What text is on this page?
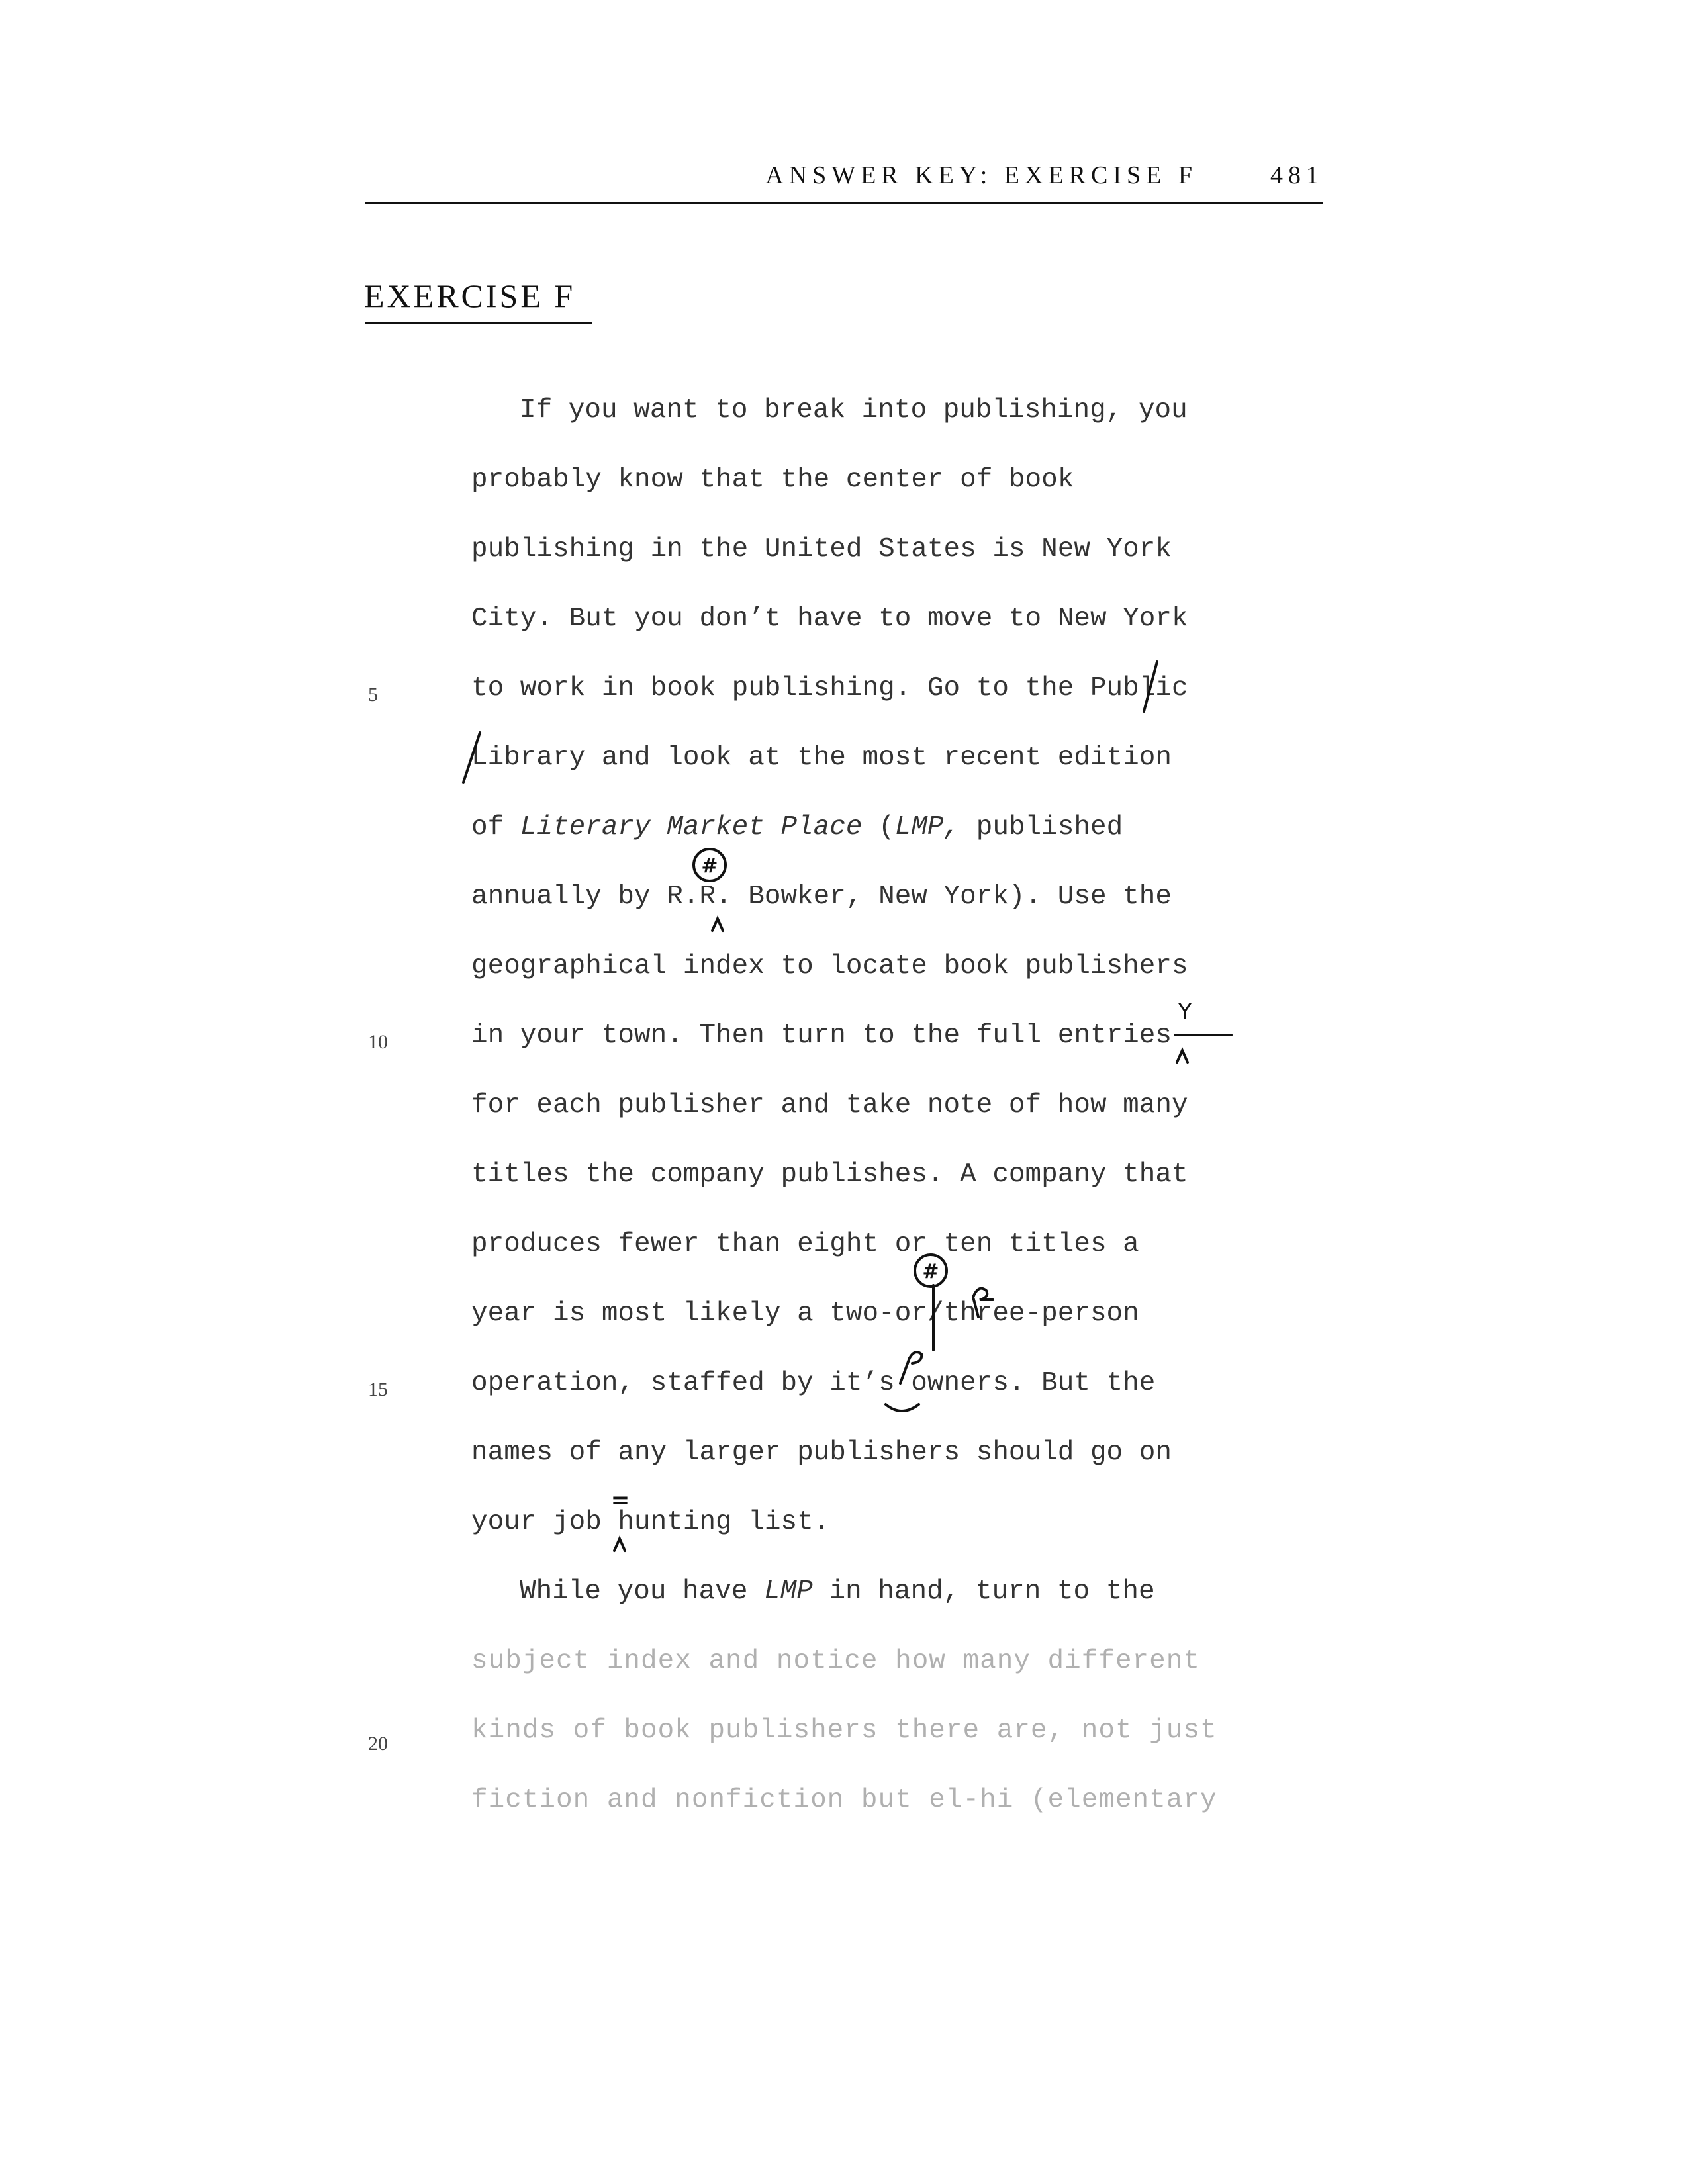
ANSWER KEY: EXERCISE F	481
EXERCISE F
5
10
15
20
If you want to break into publishing, you
probably know that the center of book
publishing in the United States is New York
City. But you don’t have to move to New York
to work in book publishing. Go to the Public
Library and look at the most recent edition
of Literary Market Place (LMP, published
annually by R.R. Bowker, New York). Use the
geographical index to locate book publishers
in your town. Then turn to the full entries
for each publisher and take note of how many
titles the company publishes. A company that
produces fewer than eight or ten titles a
year is most likely a two-or/three-person
operation, staffed by it’s owners. But the
names of any larger publishers should go on
your job hunting list.
While you have LMP in hand, turn to the
subject index and notice how many different
kinds of book publishers there are, not just
fiction and nonfiction but el-hi (elementary
#
#
Y
=
